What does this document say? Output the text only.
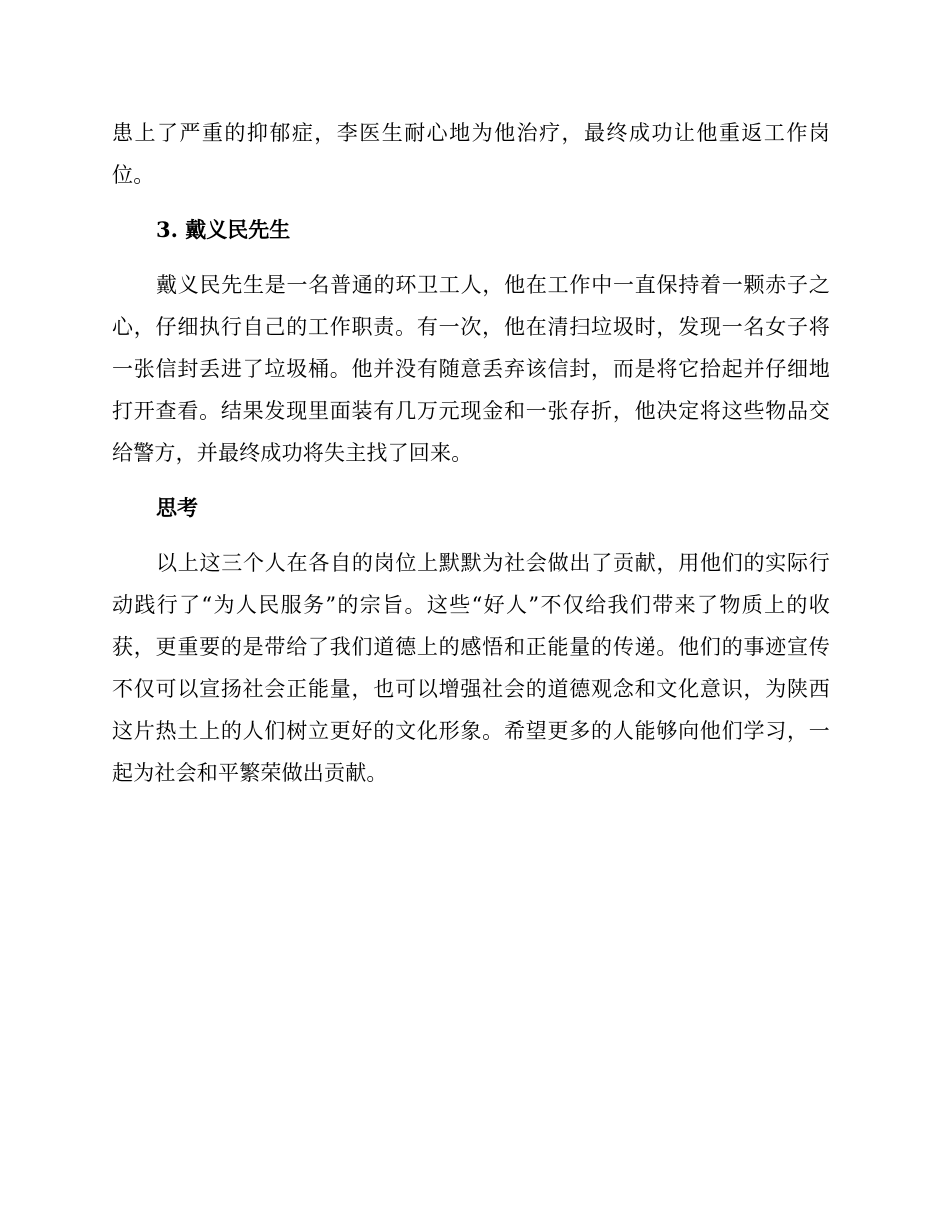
患上了严重的抑郁症，李医生耐心地为他治疗，最终成功让他重返工作岗位。

3. 戴义民先生

戴义民先生是一名普通的环卫工人，他在工作中一直保持着一颗赤子之心，仔细执行自己的工作职责。有一次，他在清扫垃圾时，发现一名女子将一张信封丢进了垃圾桶。他并没有随意丢弃该信封，而是将它拾起并仔细地打开查看。结果发现里面装有几万元现金和一张存折，他决定将这些物品交给警方，并最终成功将失主找了回来。

思考

以上这三个人在各自的岗位上默默为社会做出了贡献，用他们的实际行动践行了“为人民服务”的宗旨。这些“好人”不仅给我们带来了物质上的收获，更重要的是带给了我们道德上的感悟和正能量的传递。他们的事迹宣传不仅可以宣扬社会正能量，也可以增强社会的道德观念和文化意识，为陕西这片热土上的人们树立更好的文化形象。希望更多的人能够向他们学习，一起为社会和平繁荣做出贡献。
